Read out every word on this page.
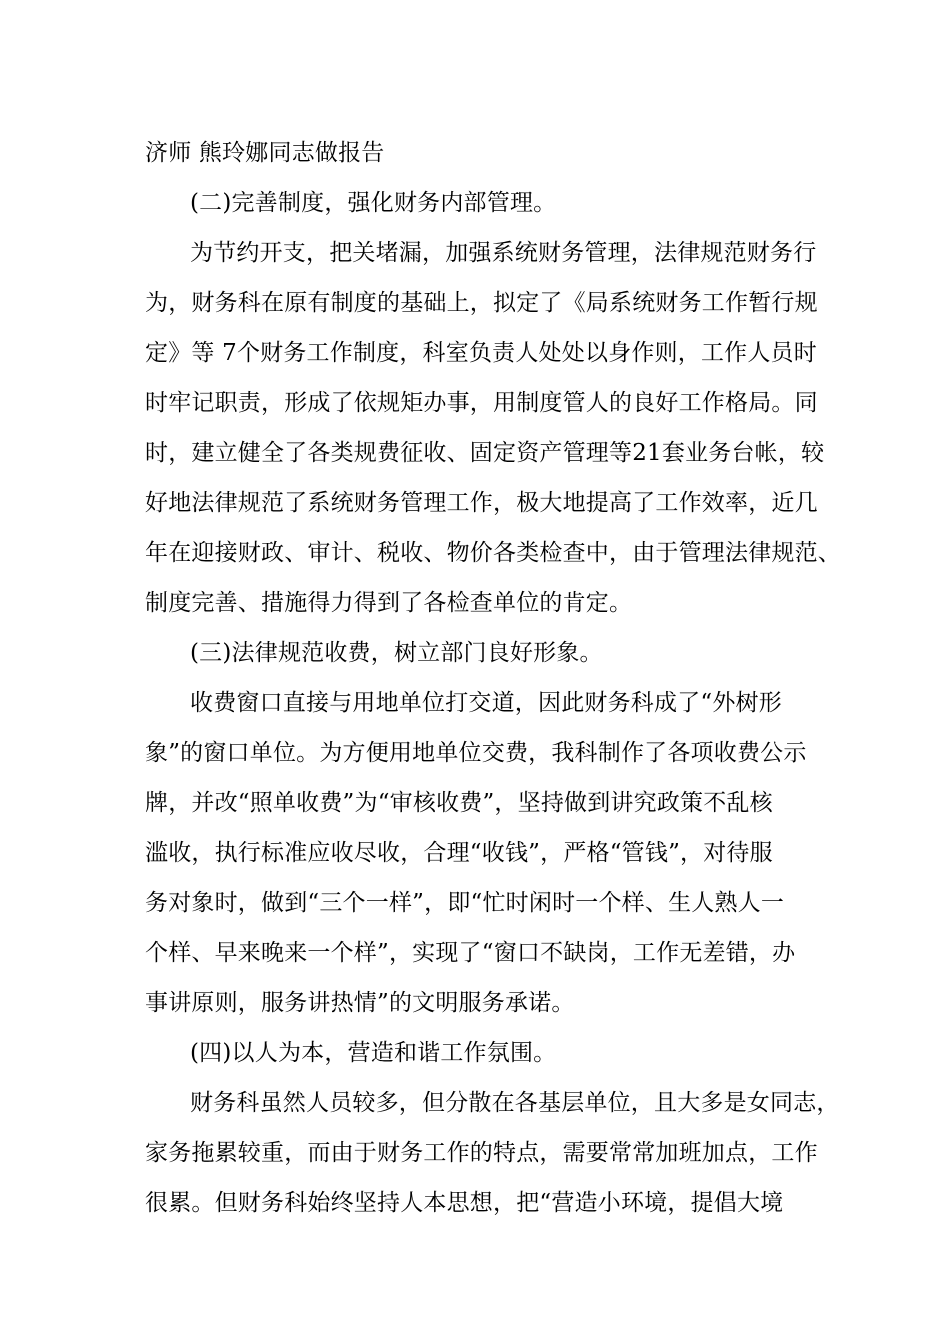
济师 熊玲娜同志做报告
(二)完善制度，强化财务内部管理。
为节约开支，把关堵漏，加强系统财务管理，法律规范财务行
为，财务科在原有制度的基础上，拟定了《局系统财务工作暂行规
定》等 7个财务工作制度，科室负责人处处以身作则，工作人员时
时牢记职责，形成了依规矩办事，用制度管人的良好工作格局。同
时，建立健全了各类规费征收、固定资产管理等21套业务台帐，较
好地法律规范了系统财务管理工作，极大地提高了工作效率，近几
年在迎接财政、审计、税收、物价各类检查中，由于管理法律规范、
制度完善、措施得力得到了各检查单位的肯定。
(三)法律规范收费，树立部门良好形象。
收费窗口直接与用地单位打交道，因此财务科成了“外树形
象”的窗口单位。为方便用地单位交费，我科制作了各项收费公示
牌，并改“照单收费”为“审核收费”，坚持做到讲究政策不乱核
滥收，执行标准应收尽收，合理“收钱”，严格“管钱”，对待服
务对象时，做到“三个一样”，即“忙时闲时一个样、生人熟人一
个样、早来晚来一个样”，实现了“窗口不缺岗，工作无差错，办
事讲原则，服务讲热情”的文明服务承诺。
(四)以人为本，营造和谐工作氛围。
财务科虽然人员较多，但分散在各基层单位，且大多是女同志，
家务拖累较重，而由于财务工作的特点，需要常常加班加点，工作
很累。但财务科始终坚持人本思想，把“营造小环境，提倡大境
